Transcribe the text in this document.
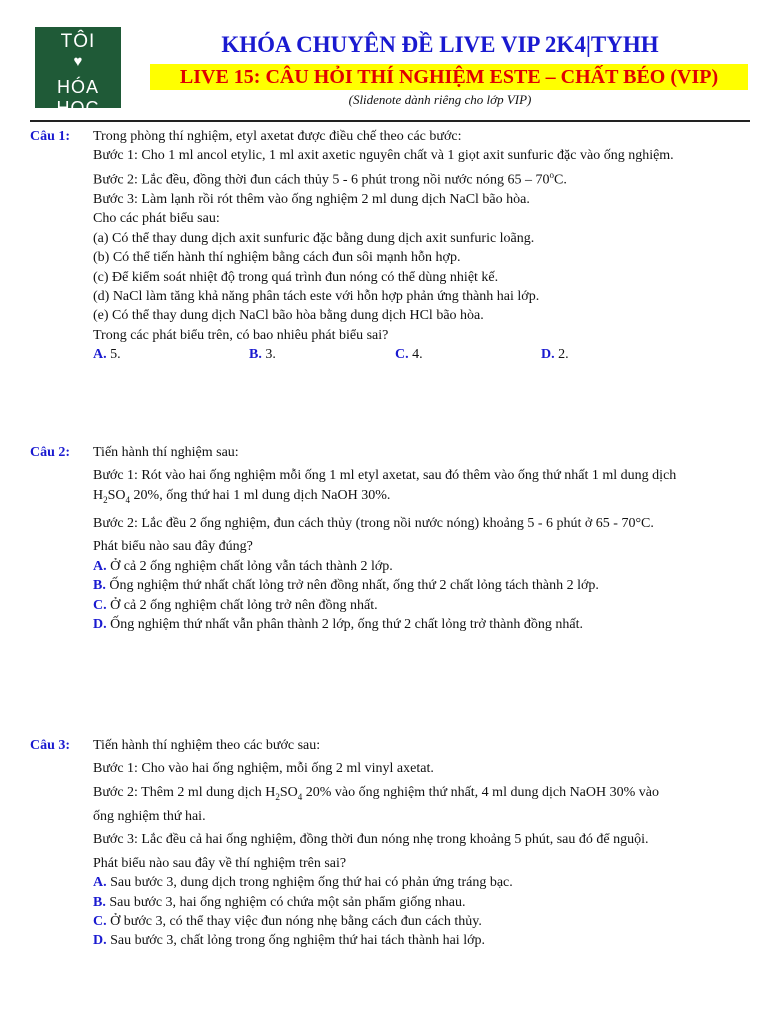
TÔI
♥
HÓA HỌC
KHÓA CHUYÊN ĐỀ LIVE VIP 2K4|TYHH
LIVE 15: CÂU HỎI THÍ NGHIỆM ESTE – CHẤT BÉO (VIP)
(Slidenote dành riêng cho lớp VIP)
Câu 1: Trong phòng thí nghiệm, etyl axetat được điều chế theo các bước:
Bước 1: Cho 1 ml ancol etylic, 1 ml axit axetic nguyên chất và 1 giọt axit sunfuric đặc vào ống nghiệm.
Bước 2: Lắc đều, đồng thời đun cách thủy 5 - 6 phút trong nồi nước nóng 65 – 70$^o$C.
Bước 3: Làm lạnh rồi rót thêm vào ống nghiệm 2 ml dung dịch NaCl bão hòa.
Cho các phát biểu sau:
(a) Có thể thay dung dịch axit sunfuric đặc bằng dung dịch axit sunfuric loãng.
(b) Có thể tiến hành thí nghiệm bằng cách đun sôi mạnh hỗn hợp.
(c) Để kiểm soát nhiệt độ trong quá trình đun nóng có thể dùng nhiệt kế.
(d) NaCl làm tăng khả năng phân tách este với hỗn hợp phản ứng thành hai lớp.
(e) Có thể thay dung dịch NaCl bão hòa bằng dung dịch HCl bão hòa.
Trong các phát biểu trên, có bao nhiêu phát biểu sai?
A. 5.	B. 3.	C. 4.	D. 2.
Câu 2: Tiến hành thí nghiệm sau:
Bước 1: Rót vào hai ống nghiệm mỗi ống 1 ml etyl axetat, sau đó thêm vào ống thứ nhất 1 ml dung dịch
$H_2SO_4$ 20%, ống thứ hai 1 ml dung dịch NaOH 30%.
Bước 2: Lắc đều 2 ống nghiệm, đun cách thủy (trong nồi nước nóng) khoảng 5 - 6 phút ở 65 - 70°C.
Phát biểu nào sau đây đúng?
A. Ở cả 2 ống nghiệm chất lỏng vẫn tách thành 2 lớp.
B. Ống nghiệm thứ nhất chất lỏng trở nên đồng nhất, ống thứ 2 chất lỏng tách thành 2 lớp.
C. Ở cả 2 ống nghiệm chất lỏng trở nên đồng nhất.
D. Ống nghiệm thứ nhất vẫn phân thành 2 lớp, ống thứ 2 chất lỏng trở thành đồng nhất.
Câu 3: Tiến hành thí nghiệm theo các bước sau:
Bước 1: Cho vào hai ống nghiệm, mỗi ống 2 ml vinyl axetat.
Bước 2: Thêm 2 ml dung dịch $H_2SO_4$ 20% vào ống nghiệm thứ nhất, 4 ml dung dịch NaOH 30% vào
ống nghiệm thứ hai.
Bước 3: Lắc đều cả hai ống nghiệm, đồng thời đun nóng nhẹ trong khoảng 5 phút, sau đó để nguội.
Phát biểu nào sau đây về thí nghiệm trên sai?
A. Sau bước 3, dung dịch trong nghiệm ống thứ hai có phản ứng tráng bạc.
B. Sau bước 3, hai ống nghiệm có chứa một sản phẩm giống nhau.
C. Ở bước 3, có thể thay việc đun nóng nhẹ bằng cách đun cách thủy.
D. Sau bước 3, chất lỏng trong ống nghiệm thứ hai tách thành hai lớp.
